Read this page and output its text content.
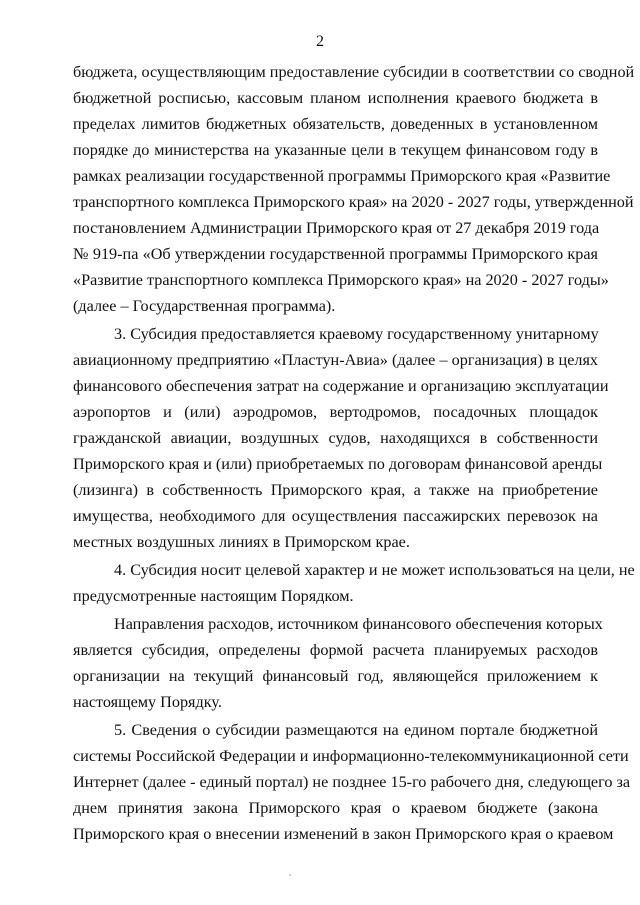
2
бюджета, осуществляющим предоставление субсидии в соответствии со сводной
бюджетной росписью, кассовым планом исполнения краевого бюджета в
пределах лимитов бюджетных обязательств, доведенных в установленном
порядке до министерства на указанные цели в текущем финансовом году в
рамках реализации государственной программы Приморского края «Развитие
транспортного комплекса Приморского края» на 2020 - 2027 годы, утвержденной
постановлением Администрации Приморского края от 27 декабря 2019 года
№ 919-па «Об утверждении государственной программы Приморского края
«Развитие транспортного комплекса Приморского края» на 2020 - 2027 годы»
(далее – Государственная программа).
3. Субсидия предоставляется краевому государственному унитарному
авиационному предприятию «Пластун-Авиа» (далее – организация) в целях
финансового обеспечения затрат на содержание и организацию эксплуатации
аэропортов и (или) аэродромов, вертодромов, посадочных площадок
гражданской авиации, воздушных судов, находящихся в собственности
Приморского края и (или) приобретаемых по договорам финансовой аренды
(лизинга) в собственность Приморского края, а также на приобретение
имущества, необходимого для осуществления пассажирских перевозок на
местных воздушных линиях в Приморском крае.
4. Субсидия носит целевой характер и не может использоваться на цели, не
предусмотренные настоящим Порядком.
Направления расходов, источником финансового обеспечения которых
является субсидия, определены формой расчета планируемых расходов
организации на текущий финансовый год, являющейся приложением к
настоящему Порядку.
5. Сведения о субсидии размещаются на едином портале бюджетной
системы Российской Федерации и информационно-телекоммуникационной сети
Интернет (далее - единый портал) не позднее 15-го рабочего дня, следующего за
днем принятия закона Приморского края о краевом бюджете (закона
Приморского края о внесении изменений в закон Приморского края о краевом
